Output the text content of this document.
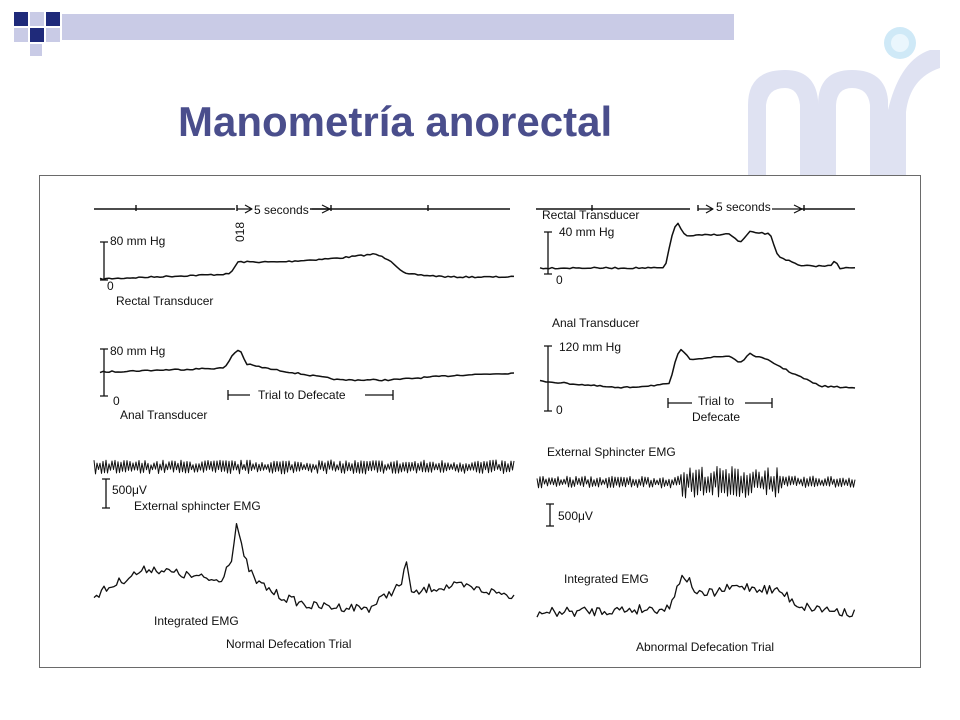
Manometría anorectal
5 seconds
018
80 mm Hg
0
Rectal Transducer
80 mm Hg
0
Anal Transducer
Trial to Defecate
500μV
External sphincter EMG
Integrated EMG
Normal Defecation Trial
5 seconds
Rectal Transducer
40 mm Hg
0
Anal Transducer
120 mm Hg
0
Trial to
Defecate
External Sphincter EMG
500μV
Integrated EMG
Abnormal Defecation Trial
